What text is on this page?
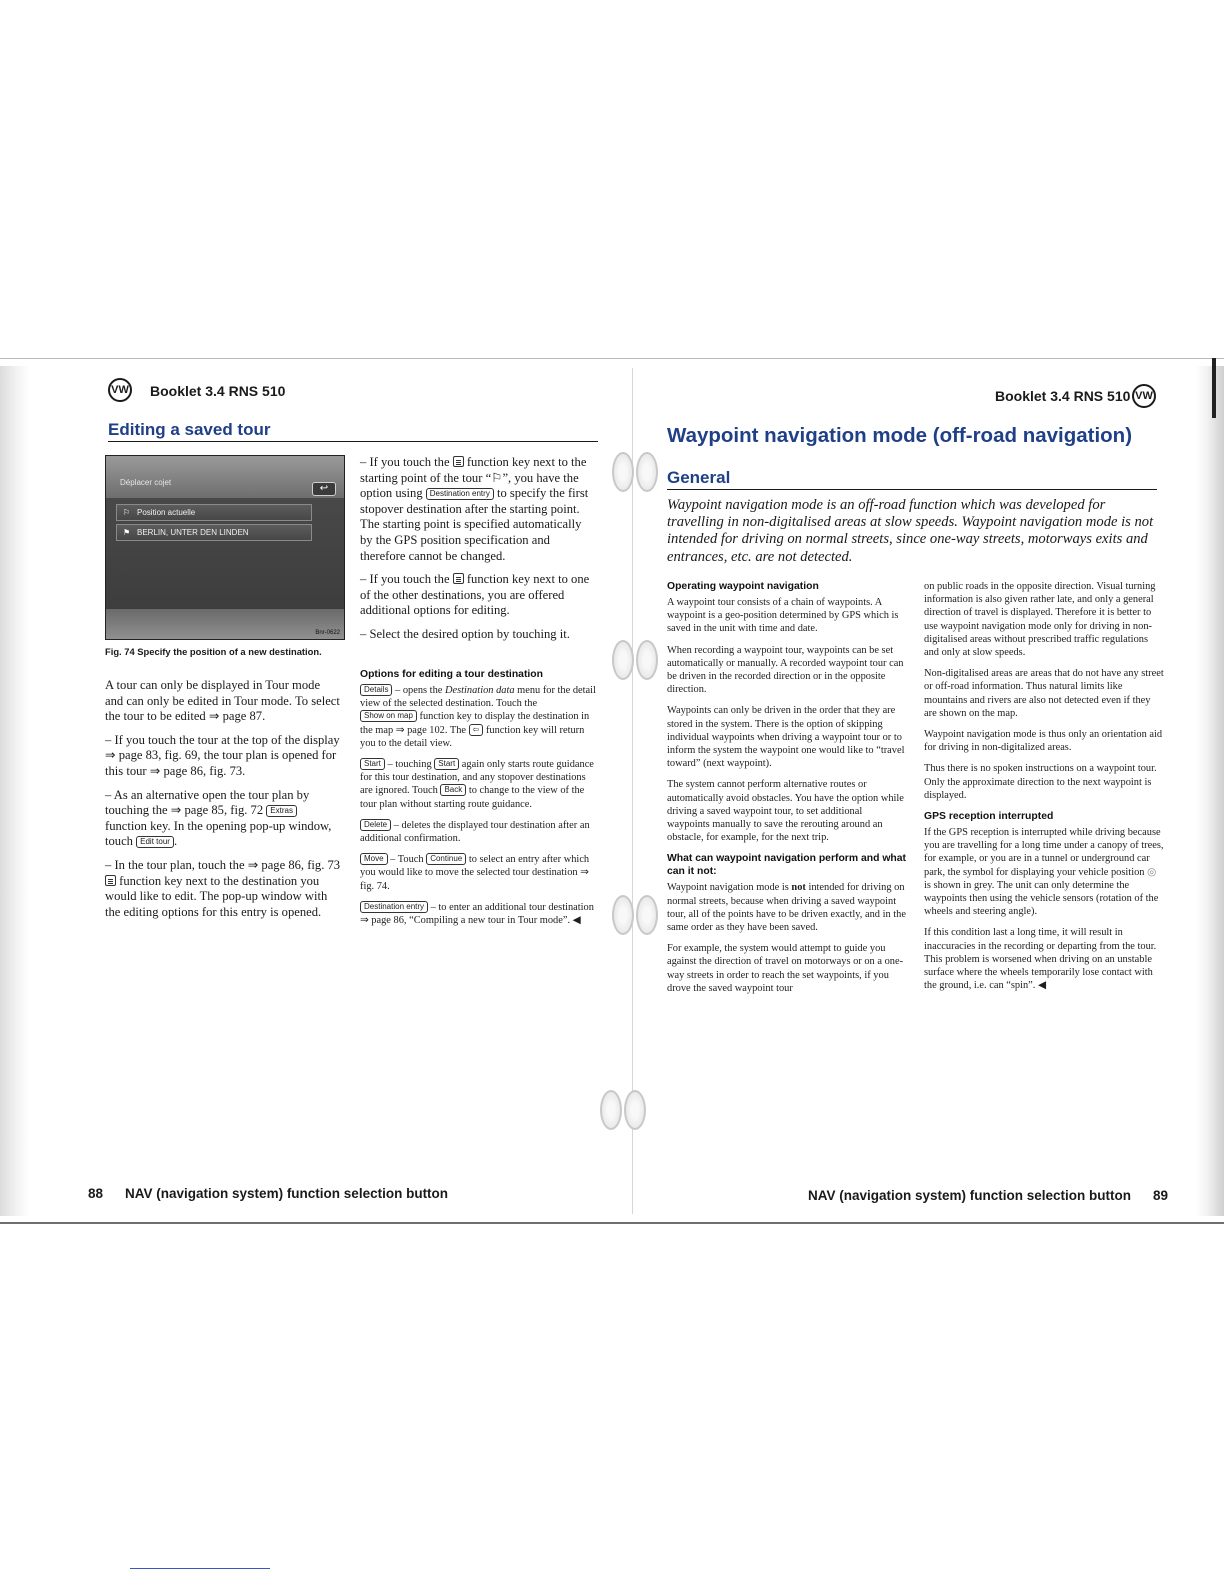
VW Booklet 3.4 RNS 510
Editing a saved tour
Déplacer cojet
↩
⚐ Position actuelle
⚑ BERLIN, UNTER DEN LINDEN
Bnr-0622
Fig. 74 Specify the position of a new destination.

A tour can only be displayed in Tour mode and can only be edited in Tour mode. To select the tour to be edited ⇒ page 87.

– If you touch the tour at the top of the display ⇒ page 83, fig. 69, the tour plan is opened for this tour ⇒ page 86, fig. 73.

– As an alternative open the tour plan by touching the ⇒ page 85, fig. 72 Extras function key. In the opening pop-up window, touch Edit tour .

– In the tour plan, touch the ⇒ page 86, fig. 73  function key next to the destination you would like to edit. The pop-up window with the editing options for this entry is opened.

– If you touch the  function key next to the starting point of the tour “⚐”, you have the option using Destination entry to specify the first stopover destination after the starting point. The starting point is specified automatically by the GPS position specification and therefore cannot be changed.

– If you touch the  function key next to one of the other destinations, you are offered additional options for editing.

– Select the desired option by touching it.

Options for editing a tour destination

Details – opens the Destination data menu for the detail view of the selected destination. Touch the Show on map function key to display the destination in the map ⇒ page 102. The ⇦ function key will return you to the detail view.

Start – touching Start again only starts route guidance for this tour destination, and any stopover destinations are ignored. Touch Back to change to the view of the tour plan without starting route guidance.

Delete – deletes the displayed tour destination after an additional confirmation.

Move – Touch Continue to select an entry after which you would like to move the selected tour destination ⇒ fig. 74.

Destination entry – to enter an additional tour destination ⇒ page 86, “Compiling a new tour in Tour mode”. ◀

88 NAV (navigation system) function selection button
Booklet 3.4 RNS 510 VW
Waypoint navigation mode (off-road navigation)
General
Waypoint navigation mode is an off-road function which was developed for travelling in non-digitalised areas at slow speeds. Waypoint navigation mode is not intended for driving on normal streets, since one-way streets, motorways exits and entrances, etc. are not detected.
Operating waypoint navigation

A waypoint tour consists of a chain of waypoints. A waypoint is a geo-position determined by GPS which is saved in the unit with time and date.

When recording a waypoint tour, waypoints can be set automatically or manually. A recorded waypoint tour can be driven in the recorded direction or in the opposite direction.

Waypoints can only be driven in the order that they are stored in the system. There is the option of skipping individual waypoints when driving a waypoint tour or to inform the system the waypoint one would like to “travel toward” (next waypoint).

The system cannot perform alternative routes or automatically avoid obstacles. You have the option while driving a saved waypoint tour, to set additional waypoints manually to save the rerouting around an obstacle, for example, for the next trip.

What can waypoint navigation perform and what can it not:

Waypoint navigation mode is not intended for driving on normal streets, because when driving a saved waypoint tour, all of the points have to be driven exactly, and in the same order as they have been saved.

For example, the system would attempt to guide you against the direction of travel on motorways or on a one-way streets in order to reach the set waypoints, if you drove the saved waypoint tour

on public roads in the opposite direction. Visual turning information is also given rather late, and only a general direction of travel is displayed. Therefore it is better to use waypoint navigation mode only for driving in non-digitalised areas without prescribed traffic regulations and only at slow speeds.

Non-digitalised areas are areas that do not have any street or off-road information. Thus natural limits like mountains and rivers are also not detected even if they are shown on the map.

Waypoint navigation mode is thus only an orientation aid for driving in non-digitalized areas.

Thus there is no spoken instructions on a waypoint tour. Only the approximate direction to the next waypoint is displayed.

GPS reception interrupted

If the GPS reception is interrupted while driving because you are travelling for a long time under a canopy of trees, for example, or you are in a tunnel or underground car park, the symbol for displaying your vehicle position ◎ is shown in grey. The unit can only determine the waypoints then using the vehicle sensors (rotation of the wheels and steering angle).

If this condition last a long time, it will result in inaccuracies in the recording or departing from the tour. This problem is worsened when driving on an unstable surface where the wheels temporarily lose contact with the ground, i.e. can “spin”. ◀

NAV (navigation system) function selection button 89
